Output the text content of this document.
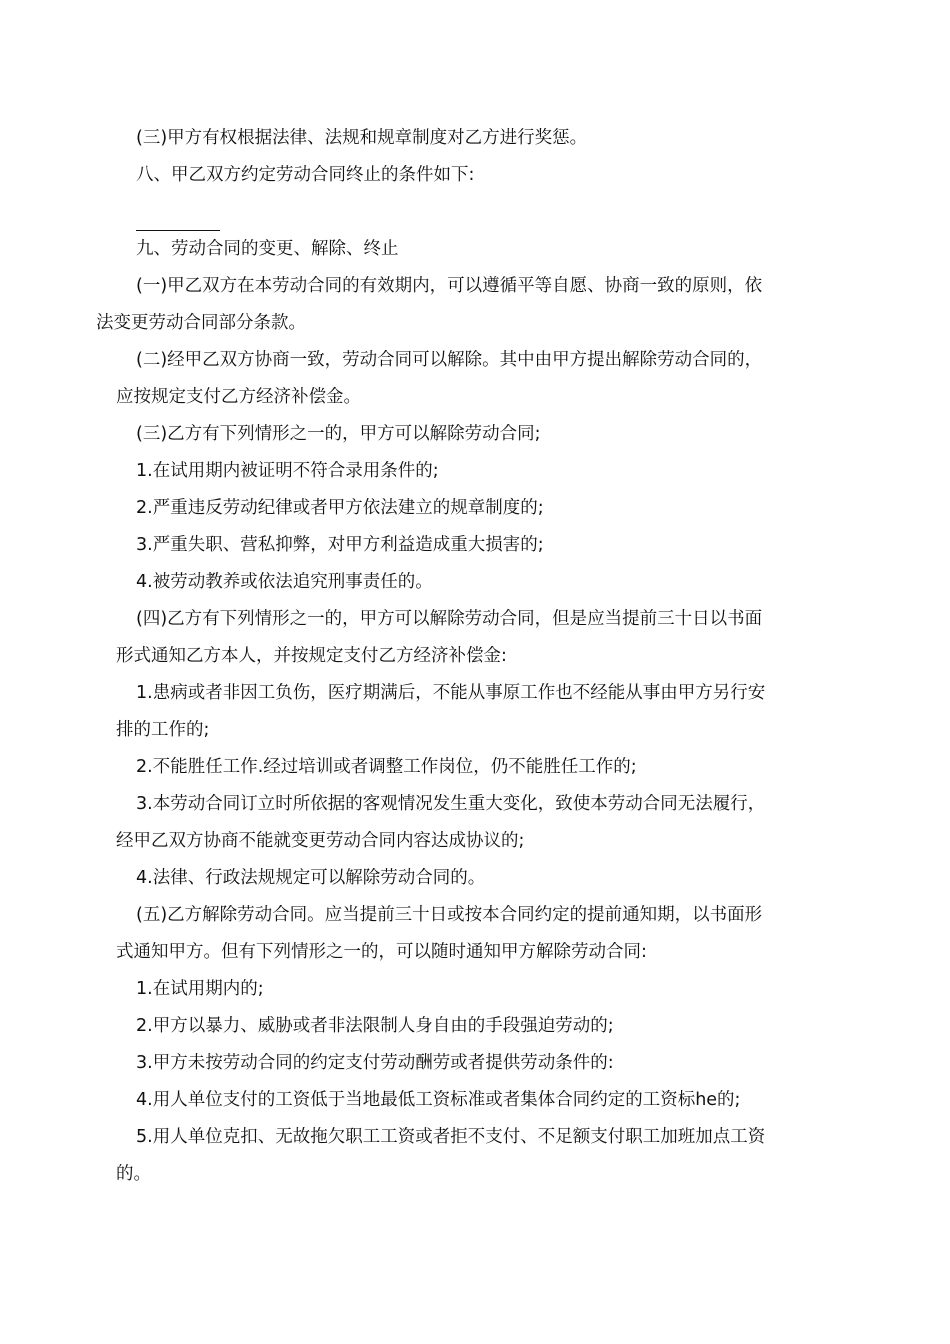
(三)甲方有权根据法律、法规和规章制度对乙方进行奖惩。

八、甲乙双方约定劳动合同终止的条件如下:

九、劳动合同的变更、解除、终止

(一)甲乙双方在本劳动合同的有效期内，可以遵循平等自愿、协商一致的原则，依
法变更劳动合同部分条款。

(二)经甲乙双方协商一致，劳动合同可以解除。其中由甲方提出解除劳动合同的，
应按规定支付乙方经济补偿金。

(三)乙方有下列情形之一的，甲方可以解除劳动合同;

1.在试用期内被证明不符合录用条件的;

2.严重违反劳动纪律或者甲方依法建立的规章制度的;

3.严重失职、营私抑弊，对甲方利益造成重大损害的;

4.被劳动教养或依法追究刑事责任的。

(四)乙方有下列情形之一的，甲方可以解除劳动合同，但是应当提前三十日以书面
形式通知乙方本人，并按规定支付乙方经济补偿金:

1.患病或者非因工负伤，医疗期满后，不能从事原工作也不经能从事由甲方另行安
排的工作的;

2.不能胜任工作.经过培训或者调整工作岗位，仍不能胜任工作的;

3.本劳动合同订立时所依据的客观情况发生重大变化，致使本劳动合同无法履行，
经甲乙双方协商不能就变更劳动合同内容达成协议的;

4.法律、行政法规规定可以解除劳动合同的。

(五)乙方解除劳动合同。应当提前三十日或按本合同约定的提前通知期，以书面形
式通知甲方。但有下列情形之一的，可以随时通知甲方解除劳动合同:

1.在试用期内的;

2.甲方以暴力、威胁或者非法限制人身自由的手段强迫劳动的;

3.甲方未按劳动合同的约定支付劳动酬劳或者提供劳动条件的:

4.用人单位支付的工资低于当地最低工资标准或者集体合同约定的工资标he的;

5.用人单位克扣、无故拖欠职工工资或者拒不支付、不足额支付职工加班加点工资
的。
